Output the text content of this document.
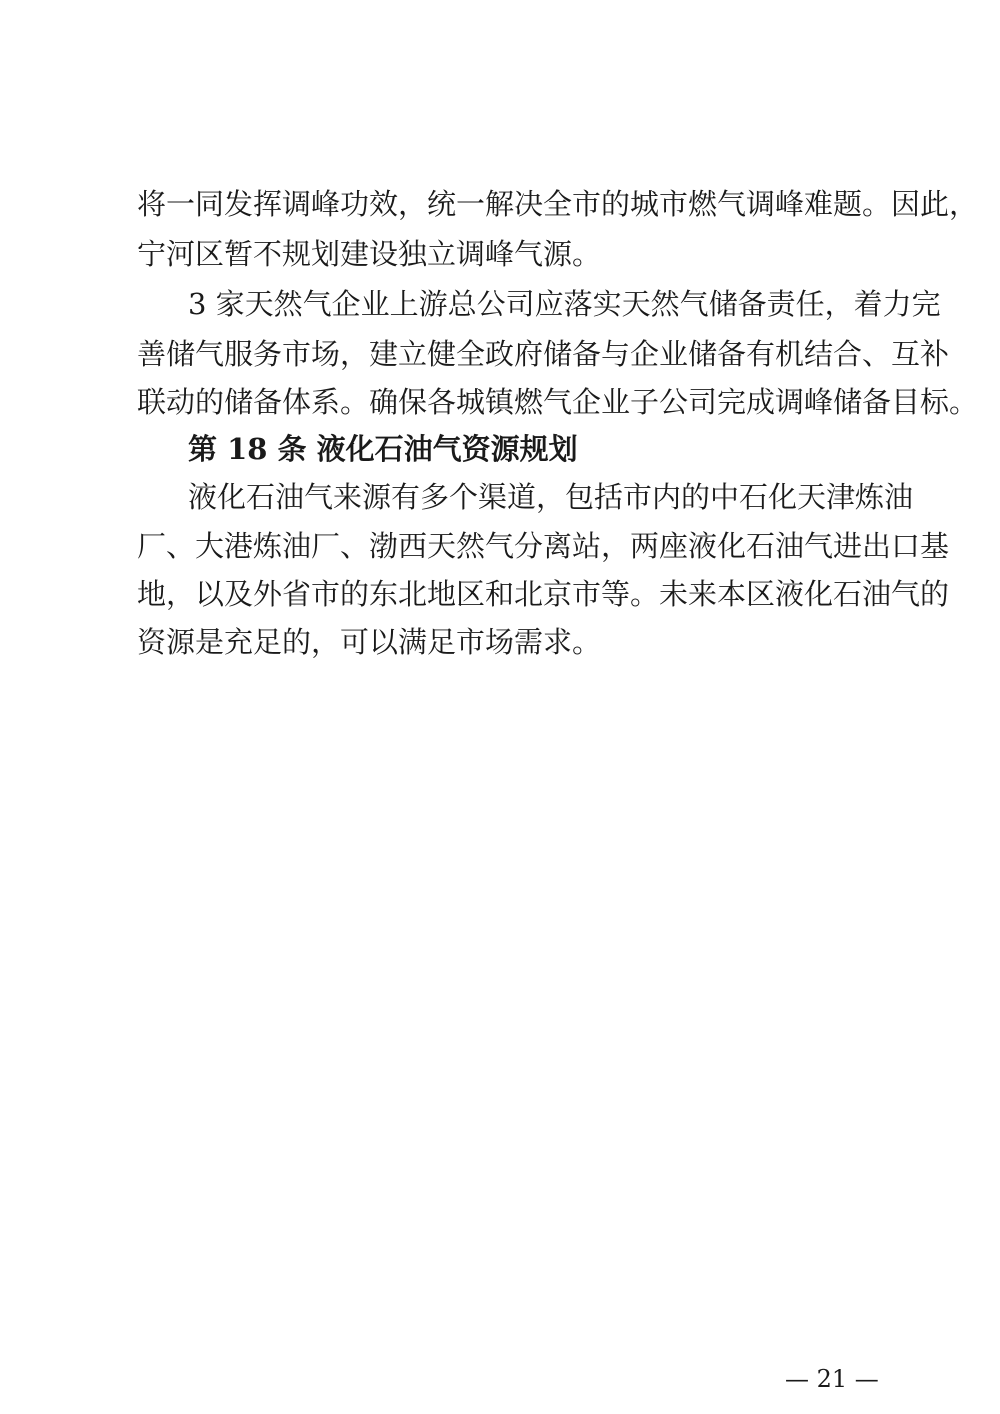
将一同发挥调峰功效，统一解决全市的城市燃气调峰难题。因此，
宁河区暂不规划建设独立调峰气源。
3 家天然气企业上游总公司应落实天然气储备责任，着力完
善储气服务市场，建立健全政府储备与企业储备有机结合、互补
联动的储备体系。确保各城镇燃气企业子公司完成调峰储备目标。
第 18 条 液化石油气资源规划
液化石油气来源有多个渠道，包括市内的中石化天津炼油
厂、大港炼油厂、渤西天然气分离站，两座液化石油气进出口基
地，以及外省市的东北地区和北京市等。未来本区液化石油气的
资源是充足的，可以满足市场需求。
— 21 —
